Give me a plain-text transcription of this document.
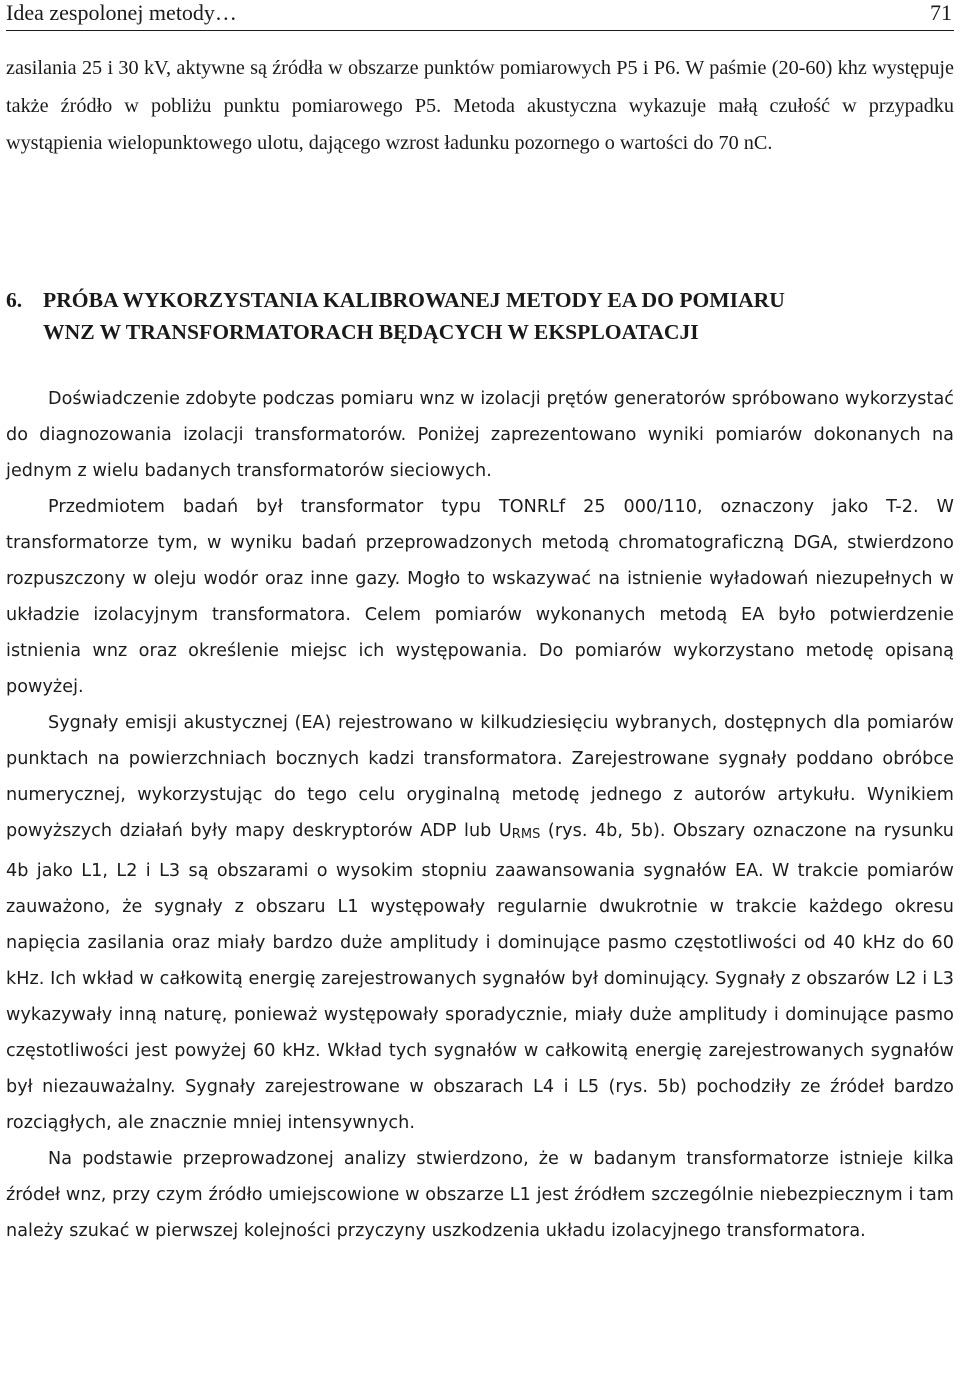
Idea zespolonej metody…	71

zasilania 25 i 30 kV, aktywne są źródła w obszarze punktów pomiarowych P5 i P6. W paśmie (20-60) khz występuje także źródło w pobliżu punktu pomiarowego P5. Metoda akustyczna wykazuje małą czułość w przypadku wystąpienia wielopunktowego ulotu, dającego wzrost ładunku pozornego o wartości do 70 nC.

6. PRÓBA WYKORZYSTANIA KALIBROWANEJ METODY EA DO POMIARU
WNZ W TRANSFORMATORACH BĘDĄCYCH W EKSPLOATACJI

Doświadczenie zdobyte podczas pomiaru wnz w izolacji prętów generatorów spróbowano wykorzystać do diagnozowania izolacji transformatorów. Poniżej zaprezentowano wyniki pomiarów dokonanych na jednym z wielu badanych transformatorów sieciowych.

Przedmiotem badań był transformator typu TONRLf 25 000/110, oznaczony jako T-2. W transformatorze tym, w wyniku badań przeprowadzonych metodą chromatograficzną DGA, stwierdzono rozpuszczony w oleju wodór oraz inne gazy. Mogło to wskazywać na istnienie wyładowań niezupełnych w układzie izolacyjnym transformatora. Celem pomiarów wykonanych metodą EA było potwierdzenie istnienia wnz oraz określenie miejsc ich występowania. Do pomiarów wykorzystano metodę opisaną powyżej.

Sygnały emisji akustycznej (EA) rejestrowano w kilkudziesięciu wybranych, dostępnych dla pomiarów punktach na powierzchniach bocznych kadzi transformatora. Zarejestrowane sygnały poddano obróbce numerycznej, wykorzystując do tego celu oryginalną metodę jednego z autorów artykułu. Wynikiem powyższych działań były mapy deskryptorów ADP lub $U_{RMS}$ (rys. 4b, 5b). Obszary oznaczone na rysunku 4b jako L1, L2 i L3 są obszarami o wysokim stopniu zaawansowania sygnałów EA. W trakcie pomiarów zauważono, że sygnały z obszaru L1 występowały regularnie dwukrotnie w trakcie każdego okresu napięcia zasilania oraz miały bardzo duże amplitudy i dominujące pasmo częstotliwości od 40 kHz do 60 kHz. Ich wkład w całkowitą energię zarejestrowanych sygnałów był dominujący. Sygnały z obszarów L2 i L3 wykazywały inną naturę, ponieważ występowały sporadycznie, miały duże amplitudy i dominujące pasmo częstotliwości jest powyżej 60 kHz. Wkład tych sygnałów w całkowitą energię zarejestrowanych sygnałów był niezauważalny. Sygnały zarejestrowane w obszarach L4 i L5 (rys. 5b) pochodziły ze źródeł bardzo rozciągłych, ale znacznie mniej intensywnych.

Na podstawie przeprowadzonej analizy stwierdzono, że w badanym transformatorze istnieje kilka źródeł wnz, przy czym źródło umiejscowione w obszarze L1 jest źródłem szczególnie niebezpiecznym i tam należy szukać w pierwszej kolejności przyczyny uszkodzenia układu izolacyjnego transformatora.
